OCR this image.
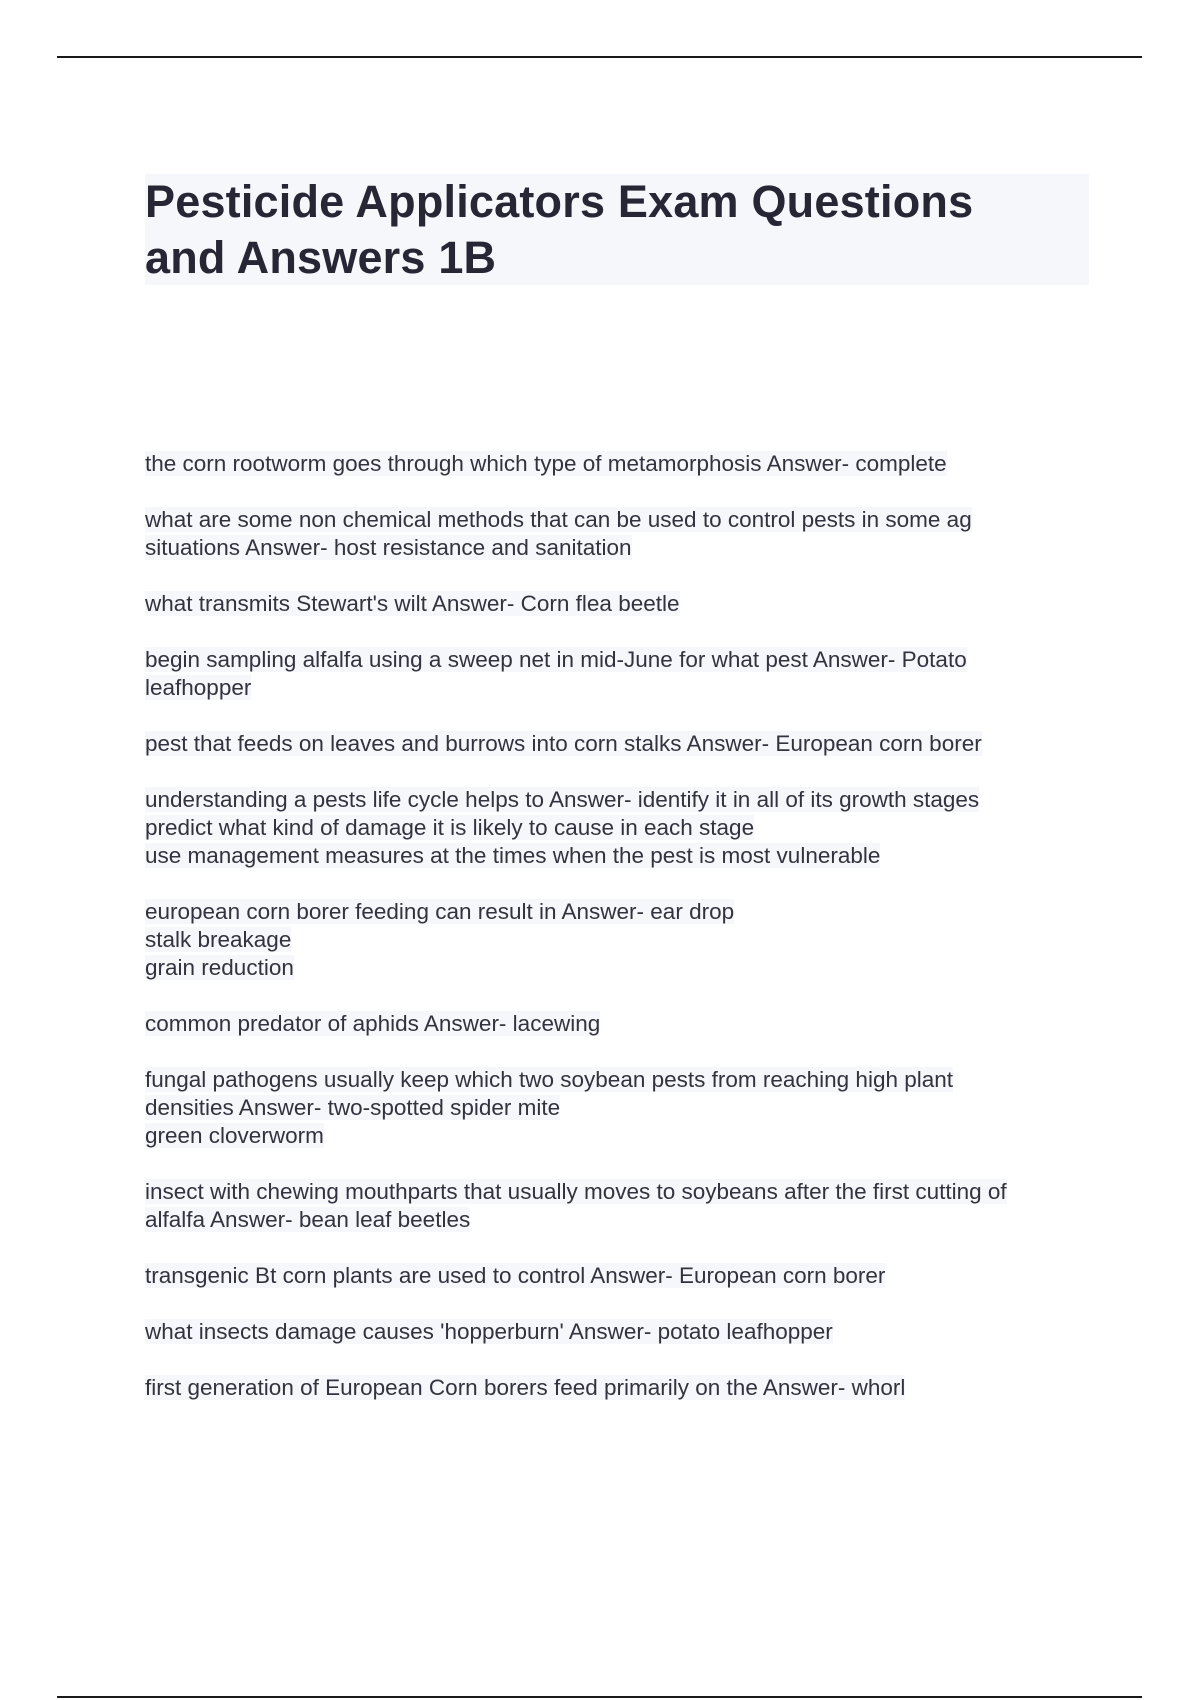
Pesticide Applicators Exam Questions
and Answers 1B

the corn rootworm goes through which type of metamorphosis Answer- complete

what are some non chemical methods that can be used to control pests in some ag
situations Answer- host resistance and sanitation

what transmits Stewart's wilt Answer- Corn flea beetle

begin sampling alfalfa using a sweep net in mid-June for what pest Answer- Potato
leafhopper

pest that feeds on leaves and burrows into corn stalks Answer- European corn borer

understanding a pests life cycle helps to Answer- identify it in all of its growth stages
predict what kind of damage it is likely to cause in each stage
use management measures at the times when the pest is most vulnerable

european corn borer feeding can result in Answer- ear drop
stalk breakage
grain reduction

common predator of aphids Answer- lacewing

fungal pathogens usually keep which two soybean pests from reaching high plant
densities Answer- two-spotted spider mite
green cloverworm

insect with chewing mouthparts that usually moves to soybeans after the first cutting of
alfalfa Answer- bean leaf beetles

transgenic Bt corn plants are used to control Answer- European corn borer

what insects damage causes 'hopperburn' Answer- potato leafhopper

first generation of European Corn borers feed primarily on the Answer- whorl
